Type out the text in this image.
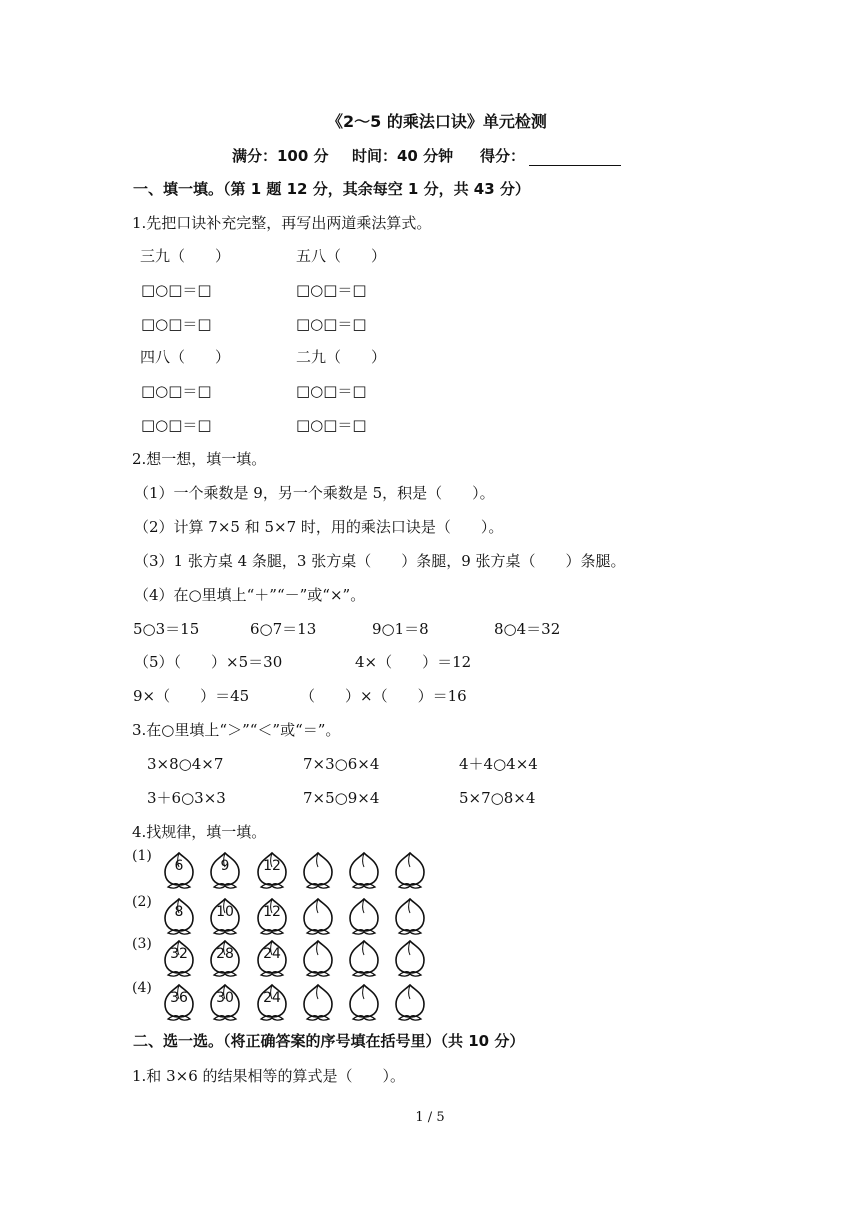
《2～5 的乘法口诀》单元检测
满分：100 分 时间：40 分钟 得分：
一、填一填。（第 1 题 12 分，其余每空 1 分，共 43 分）
1.先把口诀补充完整，再写出两道乘法算式。
三九（　　）	五八（　　）
□○□＝□	□○□＝□
□○□＝□	□○□＝□
四八（　　）	二九（　　）
□○□＝□	□○□＝□
□○□＝□	□○□＝□
2.想一想，填一填。
（1）一个乘数是 9，另一个乘数是 5，积是（　　）。
（2）计算 7×5 和 5×7 时，用的乘法口诀是（　　）。
（3）1 张方桌 4 条腿，3 张方桌（　　）条腿，9 张方桌（　　）条腿。
（4）在○里填上“＋”“－”或“×”。
5○3＝15	6○7＝13	9○1＝8	8○4＝32
（5）（　　）×5＝30	4×（　　）＝12
9×（　　）＝45	（　　）×（　　）＝16
3.在○里填上“＞”“＜”或“＝”。
3×8○4×7	7×3○6×4	4＋4○4×4
3＋6○3×3	7×5○9×4	5×7○8×4
4.找规律，填一填。
(1)
6	9	12
(2)
8	10	12
(3)
32	28	24
(4)
36	30	24
二、选一选。（将正确答案的序号填在括号里）（共 10 分）
1.和 3×6 的结果相等的算式是（　　）。
1 / 5
